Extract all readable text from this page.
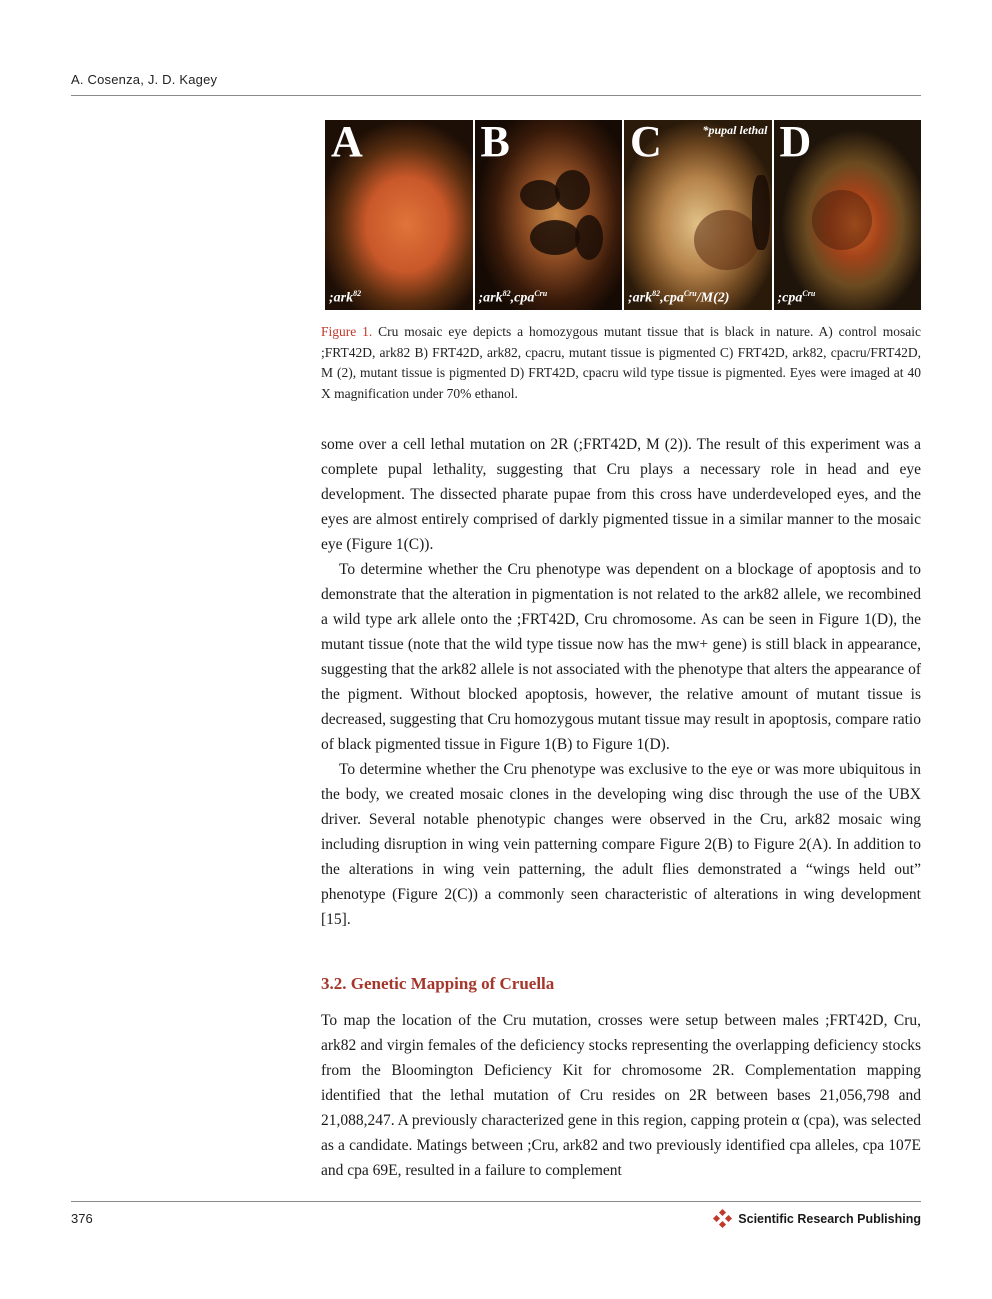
A. Cosenza, J. D. Kagey
A
;ark$^{82}$
B
;ark$^{82}$,cpa$^{Cru}$
C	*pupal lethal
;ark$^{82}$,cpa$^{Cru}$/M(2)
D
;cpa$^{Cru}$
Figure 1. Cru mosaic eye depicts a homozygous mutant tissue that is black in nature. A) control mosaic ;FRT42D, ark82 B) FRT42D, ark82, cpacru, mutant tissue is pigmented C) FRT42D, ark82, cpacru/FRT42D, M (2), mutant tissue is pigmented D) FRT42D, cpacru wild type tissue is pigmented. Eyes were imaged at 40 X magnification under 70% ethanol.

some over a cell lethal mutation on 2R (;FRT42D, M (2)). The result of this experiment was a complete pupal lethality, suggesting that Cru plays a necessary role in head and eye development. The dissected pharate pupae from this cross have underdeveloped eyes, and the eyes are almost entirely comprised of darkly pigmented tissue in a similar manner to the mosaic eye (Figure 1(C)).

To determine whether the Cru phenotype was dependent on a blockage of apoptosis and to demonstrate that the alteration in pigmentation is not related to the ark82 allele, we recombined a wild type ark allele onto the ;FRT42D, Cru chromosome. As can be seen in Figure 1(D), the mutant tissue (note that the wild type tissue now has the mw+ gene) is still black in appearance, suggesting that the ark82 allele is not associated with the phenotype that alters the appearance of the pigment. Without blocked apoptosis, however, the relative amount of mutant tissue is decreased, suggesting that Cru homozygous mutant tissue may result in apoptosis, compare ratio of black pigmented tissue in Figure 1(B) to Figure 1(D).

To determine whether the Cru phenotype was exclusive to the eye or was more ubiquitous in the body, we created mosaic clones in the developing wing disc through the use of the UBX driver. Several notable phenotypic changes were observed in the Cru, ark82 mosaic wing including disruption in wing vein patterning compare Figure 2(B) to Figure 2(A). In addition to the alterations in wing vein patterning, the adult flies demonstrated a “wings held out” phenotype (Figure 2(C)) a commonly seen characteristic of alterations in wing development [15].

3.2. Genetic Mapping of Cruella

To map the location of the Cru mutation, crosses were setup between males ;FRT42D, Cru, ark82 and virgin females of the deficiency stocks representing the overlapping deficiency stocks from the Bloomington Deficiency Kit for chromosome 2R. Complementation mapping identified that the lethal mutation of Cru resides on 2R between bases 21,056,798 and 21,088,247. A previously characterized gene in this region, capping protein α (cpa), was selected as a candidate. Matings between ;Cru, ark82 and two previously identified cpa alleles, cpa 107E and cpa 69E, resulted in a failure to complement

376	Scientific Research Publishing
